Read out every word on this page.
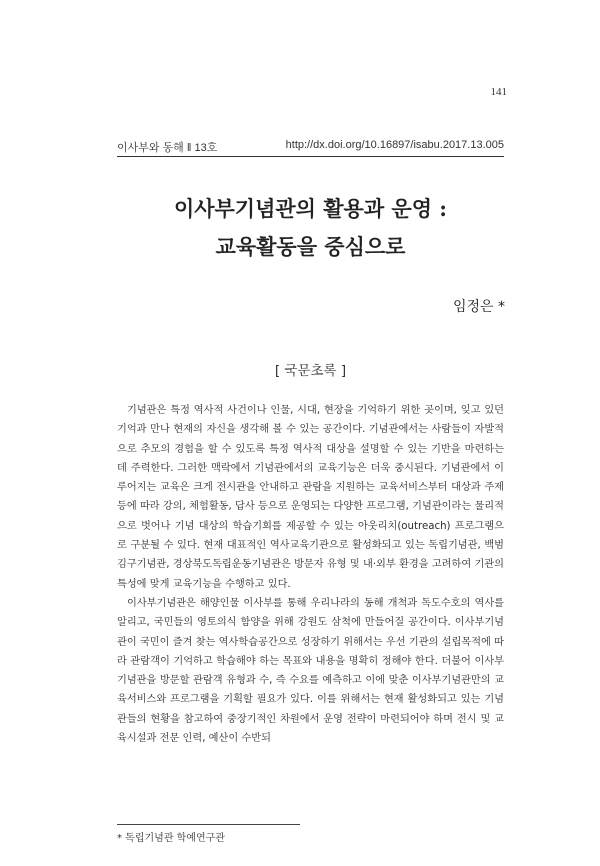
141
이사부와 동해 ‖ 13호	http://dx.doi.org/10.16897/isabu.2017.13.005
이사부기념관의 활용과 운영 :
교육활동을 중심으로
임정은 *
[ 국문초록 ]

기념관은 특정 역사적 사건이나 인물, 시대, 현장을 기억하기 위한 곳이며, 잊고 있던 기억과 만나 현재의 자신을 생각해 볼 수 있는 공간이다. 기념관에서는 사람들이 자발적으로 추모의 경험을 할 수 있도록 특정 역사적 대상을 설명할 수 있는 기반을 마련하는 데 주력한다. 그러한 맥락에서 기념관에서의 교육기능은 더욱 중시된다. 기념관에서 이루어지는 교육은 크게 전시관을 안내하고 관람을 지원하는 교육서비스부터 대상과 주제 등에 따라 강의, 체험활동, 답사 등으로 운영되는 다양한 프로그램, 기념관이라는 물리적으로 벗어나 기념 대상의 학습기회를 제공할 수 있는 아웃리치(outreach) 프로그램으로 구분될 수 있다. 현재 대표적인 역사교육기관으로 활성화되고 있는 독립기념관, 백범김구기념관, 경상북도독립운동기념관은 방문자 유형 및 내·외부 환경을 고려하여 기관의 특성에 맞게 교육기능을 수행하고 있다.

이사부기념관은 해양인물 이사부를 통해 우리나라의 동해 개척과 독도수호의 역사를 알리고, 국민들의 영토의식 함양을 위해 강원도 삼척에 만들어질 공간이다. 이사부기념관이 국민이 즐겨 찾는 역사학습공간으로 성장하기 위해서는 우선 기관의 설립목적에 따라 관람객이 기억하고 학습해야 하는 목표와 내용을 명확히 정해야 한다. 더불어 이사부기념관을 방문할 관람객 유형과 수, 즉 수요를 예측하고 이에 맞춘 이사부기념관만의 교육서비스와 프로그램을 기획할 필요가 있다. 이를 위해서는 현재 활성화되고 있는 기념관들의 현황을 참고하여 중장기적인 차원에서 운영 전략이 마련되어야 하며 전시 및 교육시설과 전문 인력, 예산이 수반되

* 독립기념관 학예연구관
